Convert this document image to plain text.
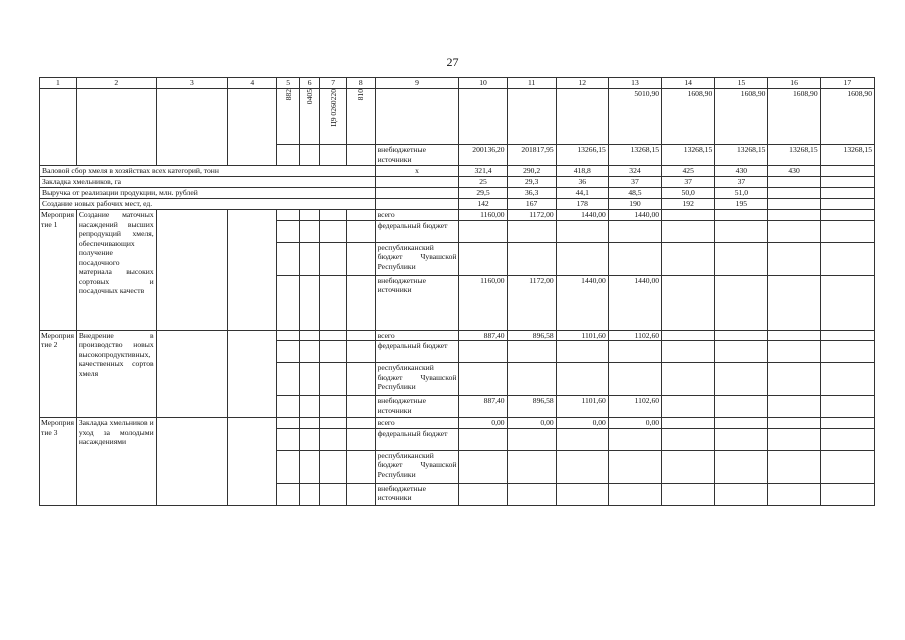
27
1	2	3	4	5	6	7	8	9	10	11	12	13	14	15	16	17
				882	0405	Ц9 0260220	810					5010,90	1608,90	1608,90	1608,90	1608,90
								внебюджетные источники	200136,20	201817,95	13266,15	13268,15	13268,15	13268,15	13268,15	13268,15
Валовой сбор хмеля в хозяйствах всех категорий, тонн								х	321,4	290,2	418,8	324	425	430	430	
Закладка хмельников, га									25	29,3	36	37	37	37		
Выручка от реализации продукции, млн. рублей									29,5	36,3	44,1	48,5	50,0	51,0		
Создание новых рабочих мест, ед.									142	167	178	190	192	195		
Мероприятие 1	Создание маточных насаждений высших репродукций хмеля, обеспечивающих получение посадочного материала высоких сортовых и посадочных качеств							всего	1160,00	1172,00	1440,00	1440,00				
								федеральный бюджет								
								республиканский бюджет Чувашской Республики								
								внебюджетные источники	1160,00	1172,00	1440,00	1440,00				
Мероприятие 2	Внедрение в производство новых высокопродуктивных, качественных сортов хмеля							всего	887,40	896,58	1101,60	1102,60				
								федеральный бюджет								
								республиканский бюджет Чувашской Республики								
								внебюджетные источники	887,40	896,58	1101,60	1102,60				
Мероприятие 3	Закладка хмельников и уход за молодыми насаждениями							всего	0,00	0,00	0,00	0,00				
								федеральный бюджет								
								республиканский бюджет Чувашской Республики								
								внебюджетные источники								
